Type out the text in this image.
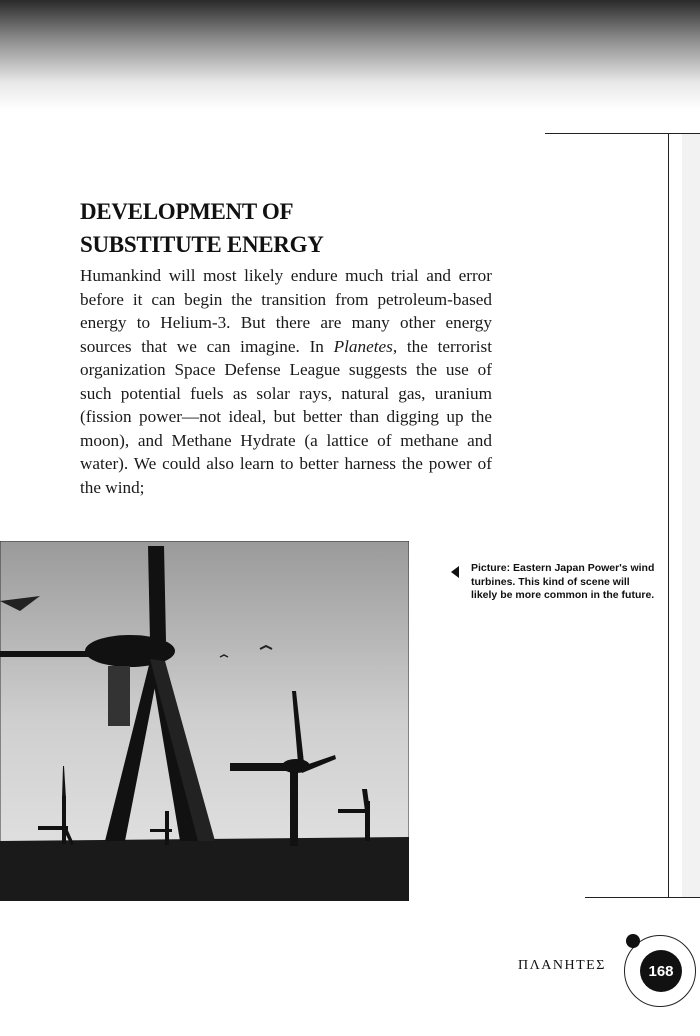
DEVELOPMENT OF
SUBSTITUTE ENERGY

Humankind will most likely endure much trial and error before it can begin the transition from petroleum-based energy to Helium-3. But there are many other energy sources that we can imagine. In Planetes, the terrorist organization Space Defense League suggests the use of such potential fuels as solar rays, natural gas, uranium (fission power—not ideal, but better than digging up the moon), and Methane Hydrate (a lattice of methane and water). We could also learn to better harness the power of the wind;

Picture: Eastern Japan Power's wind turbines. This kind of scene will likely be more common in the future.

ΠΛΑΝΗΤΕΣ	168
